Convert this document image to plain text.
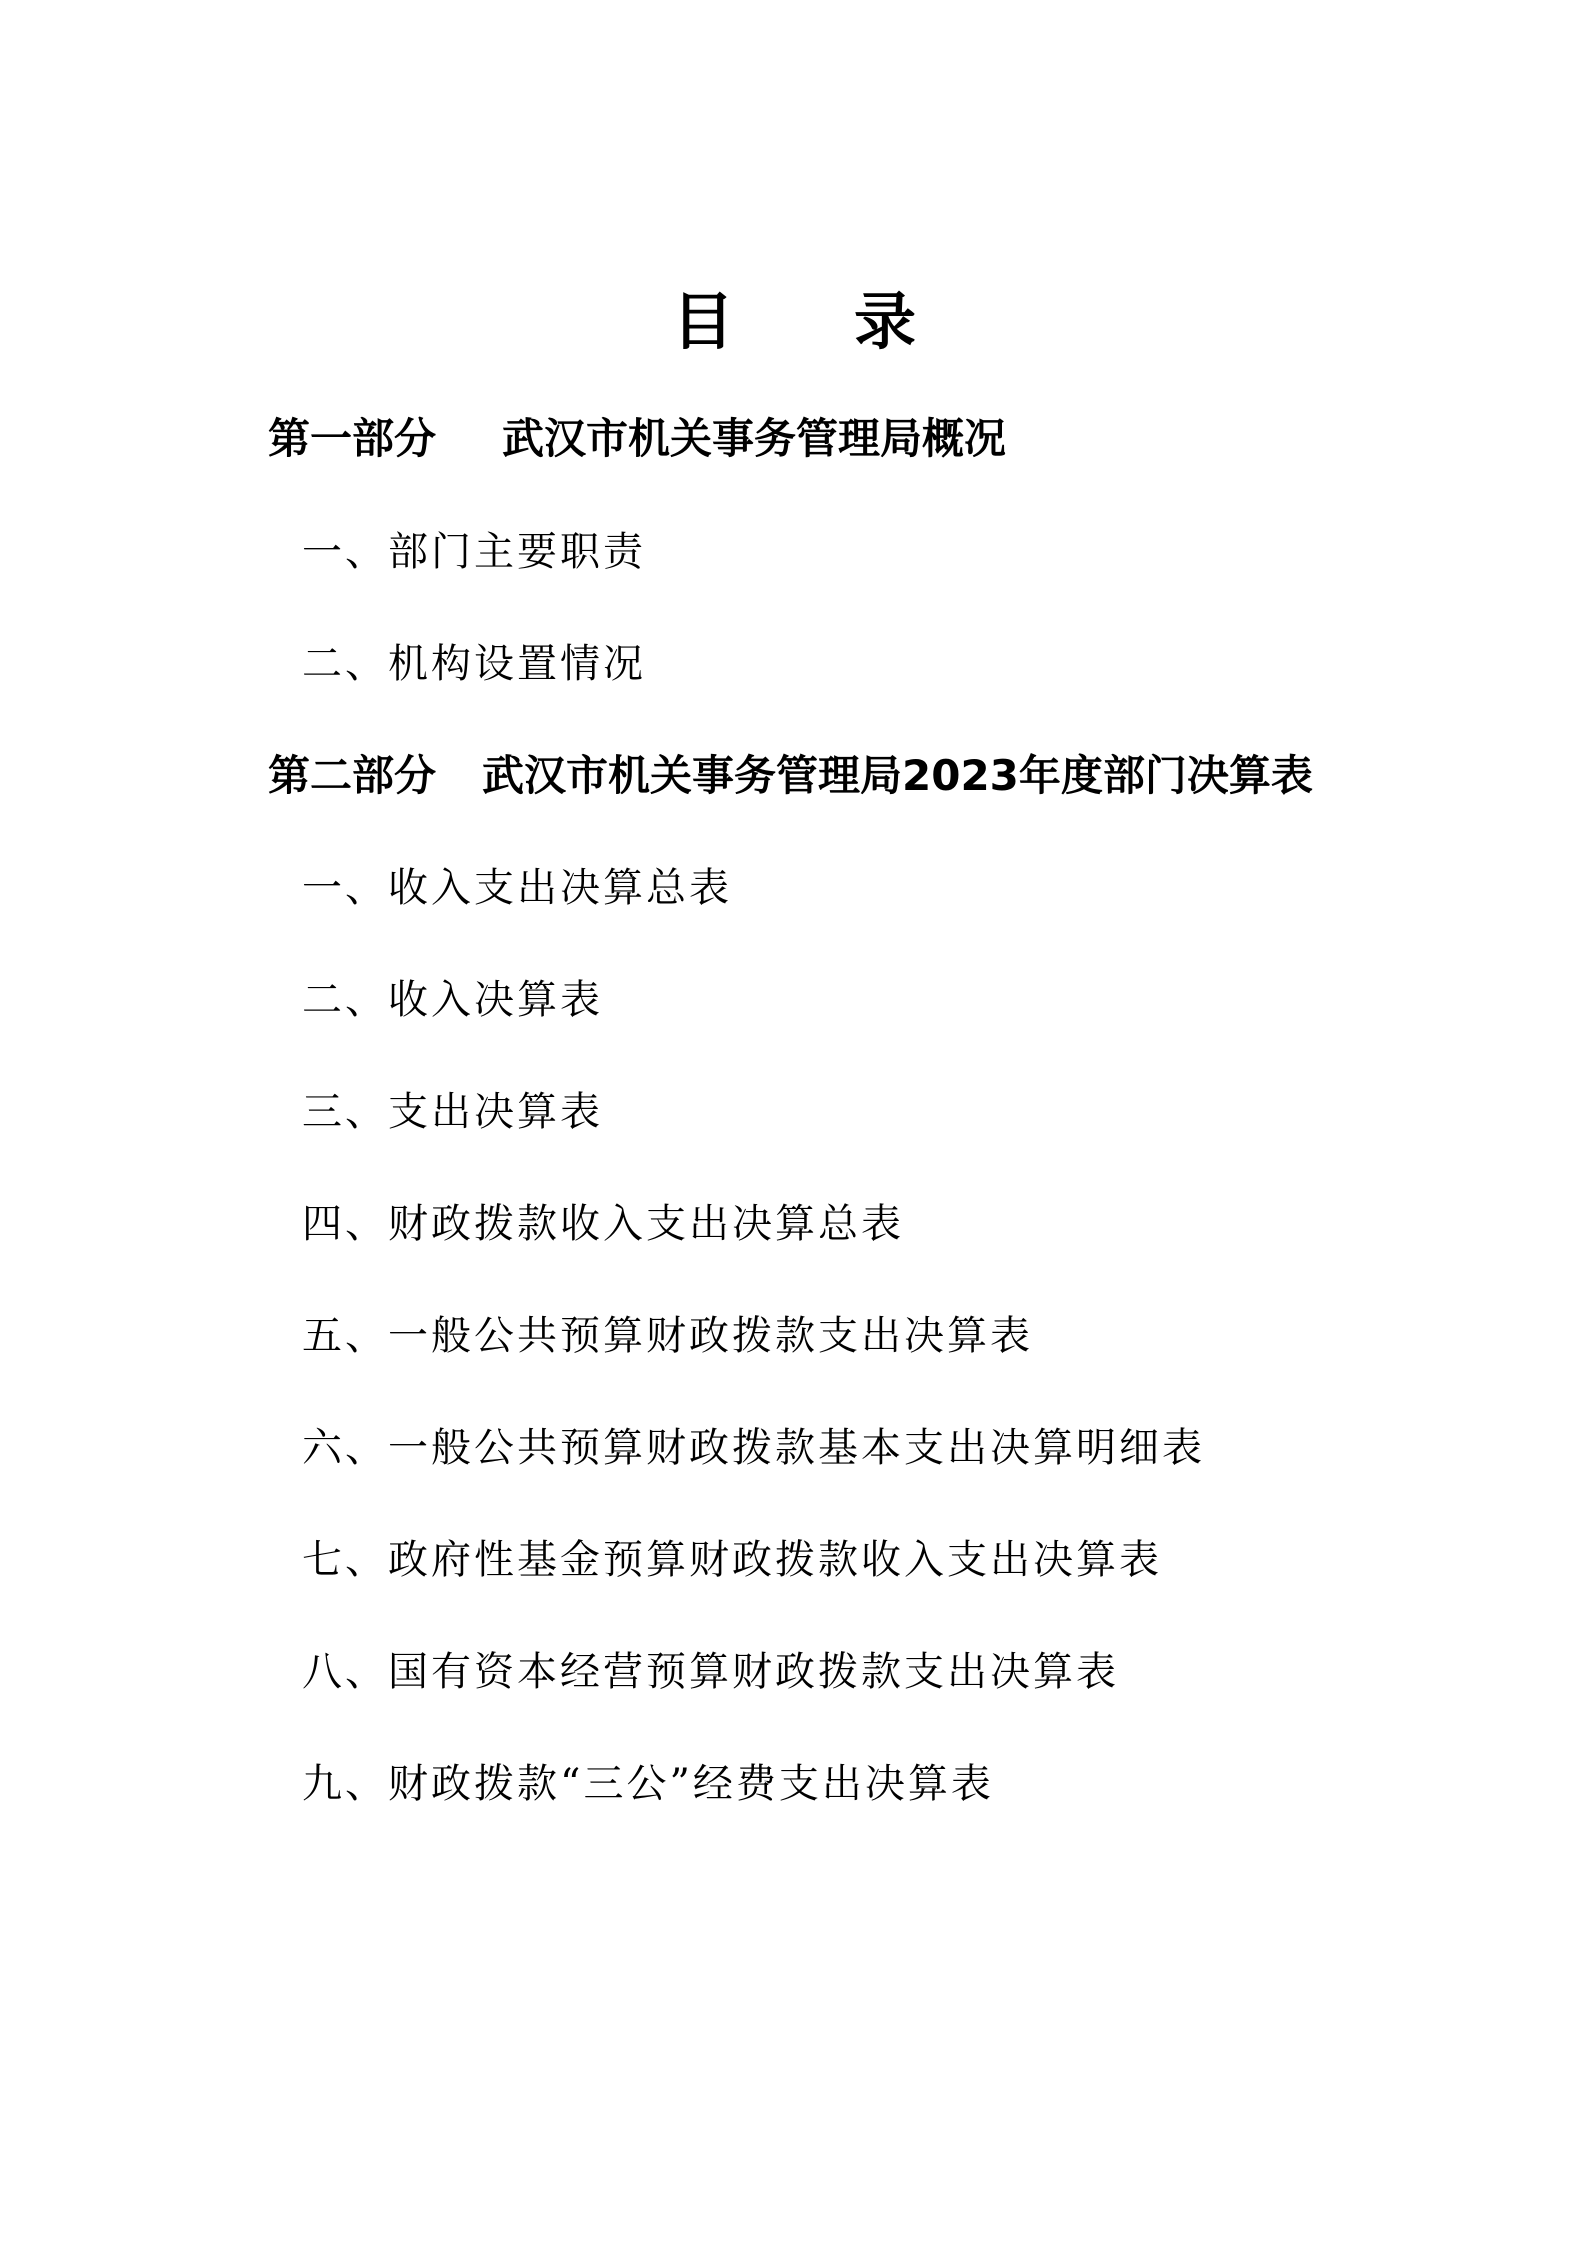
目 录
第一部分 武汉市机关事务管理局概况
一、部门主要职责
二、机构设置情况
第二部分 武汉市机关事务管理局2023年度部门决算表
一、收入支出决算总表
二、收入决算表
三、支出决算表
四、财政拨款收入支出决算总表
五、一般公共预算财政拨款支出决算表
六、一般公共预算财政拨款基本支出决算明细表
七、政府性基金预算财政拨款收入支出决算表
八、国有资本经营预算财政拨款支出决算表
九、财政拨款“三公”经费支出决算表
